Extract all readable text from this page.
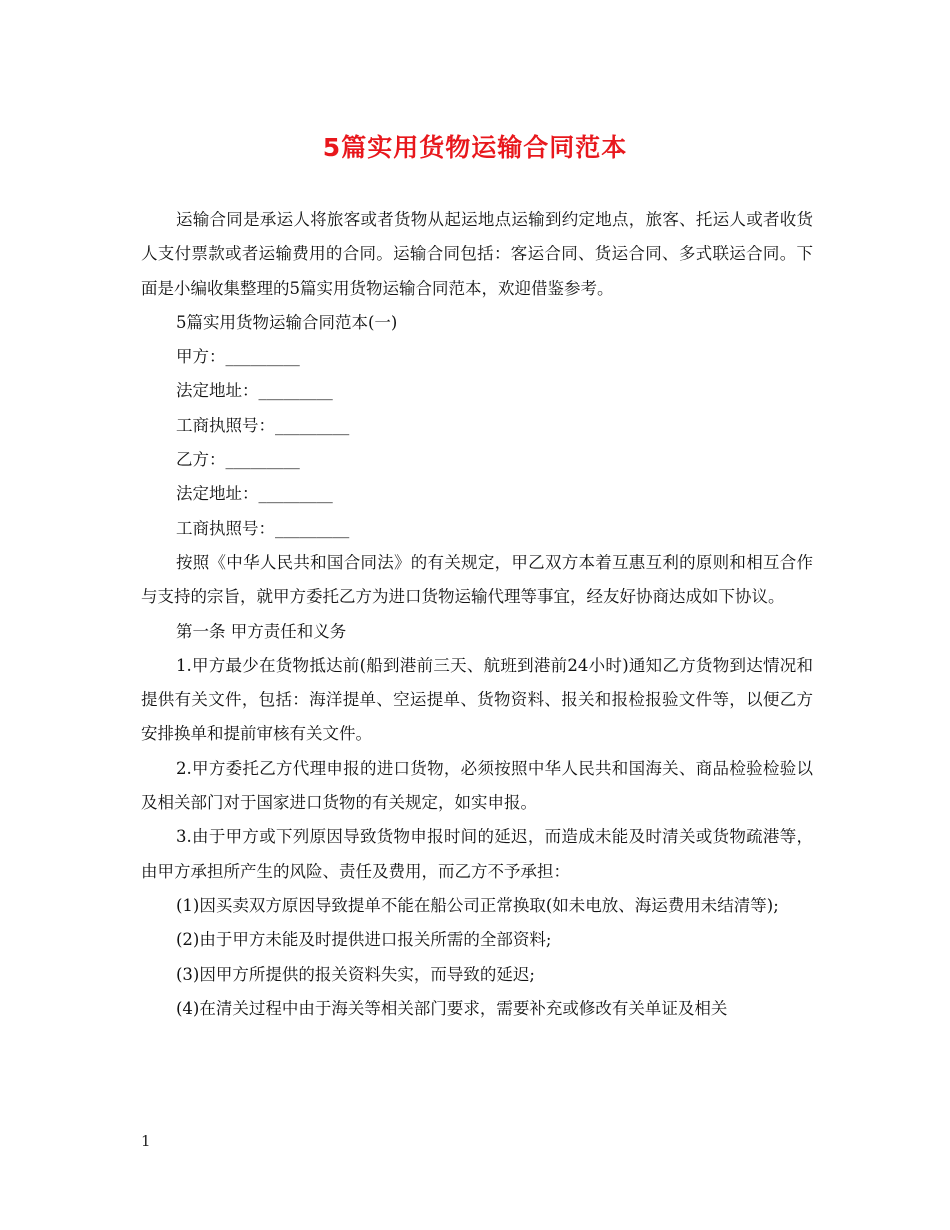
5篇实用货物运输合同范本

运输合同是承运人将旅客或者货物从起运地点运输到约定地点，旅客、托运人或者收货人支付票款或者运输费用的合同。运输合同包括：客运合同、货运合同、多式联运合同。下面是小编收集整理的5篇实用货物运输合同范本，欢迎借鉴参考。

5篇实用货物运输合同范本(一)

甲方：_________

法定地址：_________

工商执照号：_________

乙方：_________

法定地址：_________

工商执照号：_________

按照《中华人民共和国合同法》的有关规定，甲乙双方本着互惠互利的原则和相互合作与支持的宗旨，就甲方委托乙方为进口货物运输代理等事宜，经友好协商达成如下协议。

第一条 甲方责任和义务

1.甲方最少在货物抵达前(船到港前三天、航班到港前24小时)通知乙方货物到达情况和提供有关文件，包括：海洋提单、空运提单、货物资料、报关和报检报验文件等，以便乙方安排换单和提前审核有关文件。

2.甲方委托乙方代理申报的进口货物，必须按照中华人民共和国海关、商品检验检验以及相关部门对于国家进口货物的有关规定，如实申报。

3.由于甲方或下列原因导致货物申报时间的延迟，而造成未能及时清关或货物疏港等，由甲方承担所产生的风险、责任及费用，而乙方不予承担：

(1)因买卖双方原因导致提单不能在船公司正常换取(如未电放、海运费用未结清等);

(2)由于甲方未能及时提供进口报关所需的全部资料;

(3)因甲方所提供的报关资料失实，而导致的延迟;

(4)在清关过程中由于海关等相关部门要求，需要补充或修改有关单证及相关

1
